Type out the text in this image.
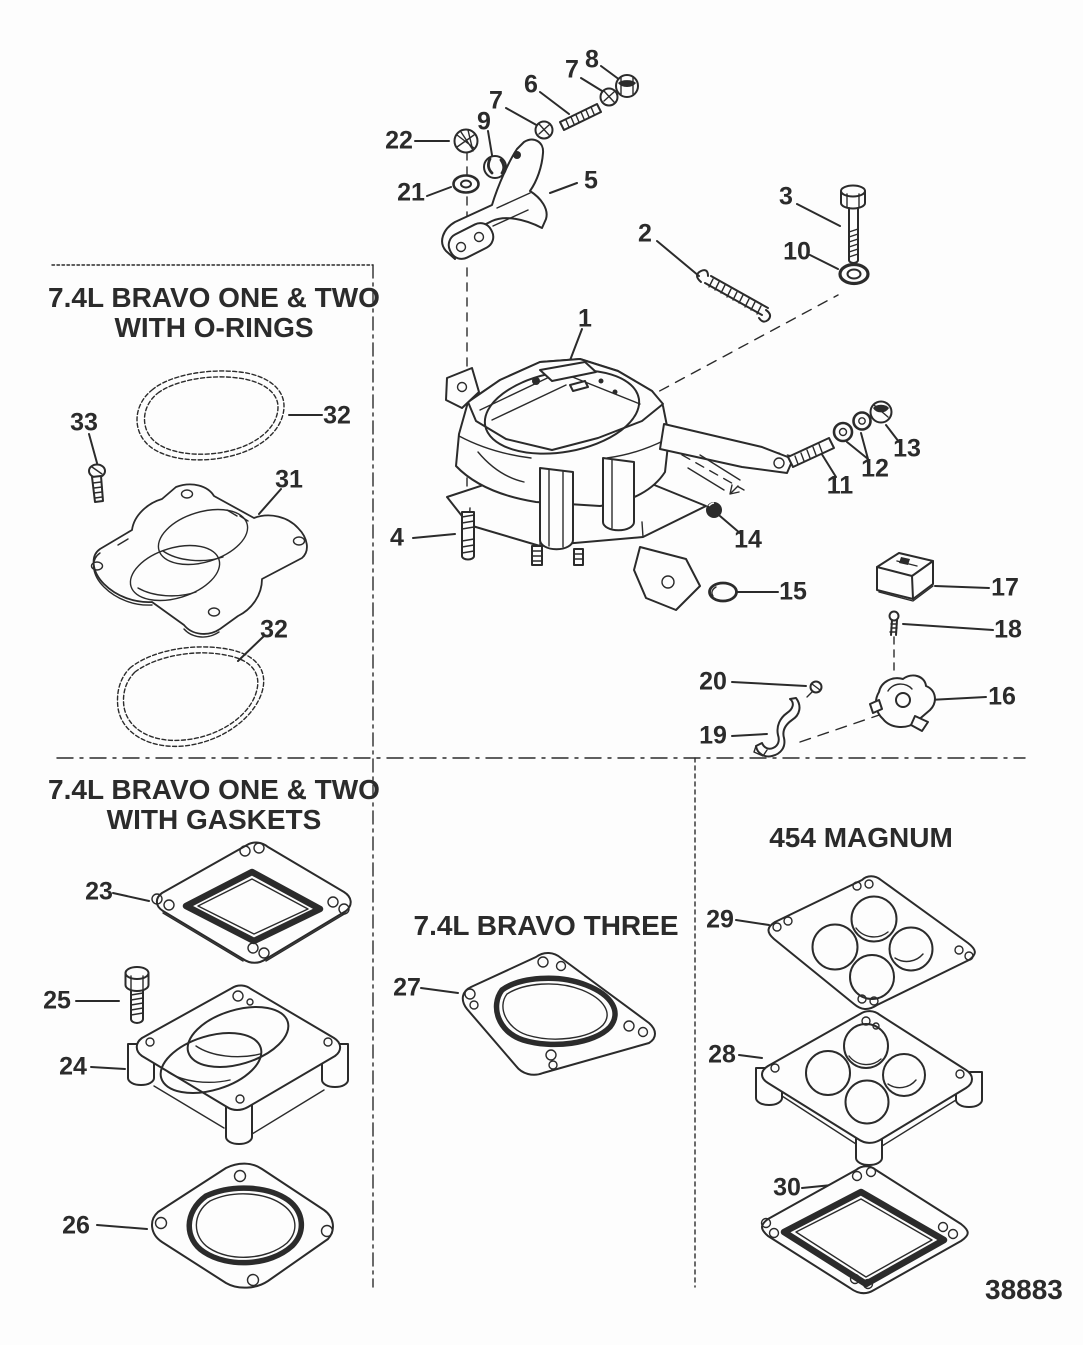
8
7
6
7
9
22
21	5
3
2
10
1
13
12
11
4	14
15	17
18
16
20
19
32
33
31
32
23
25
24
26
27
29
28
30
7.4L BRAVO ONE & TWO
WITH O-RINGS
7.4L BRAVO ONE & TWO
WITH GASKETS
7.4L BRAVO THREE
454 MAGNUM
38883
